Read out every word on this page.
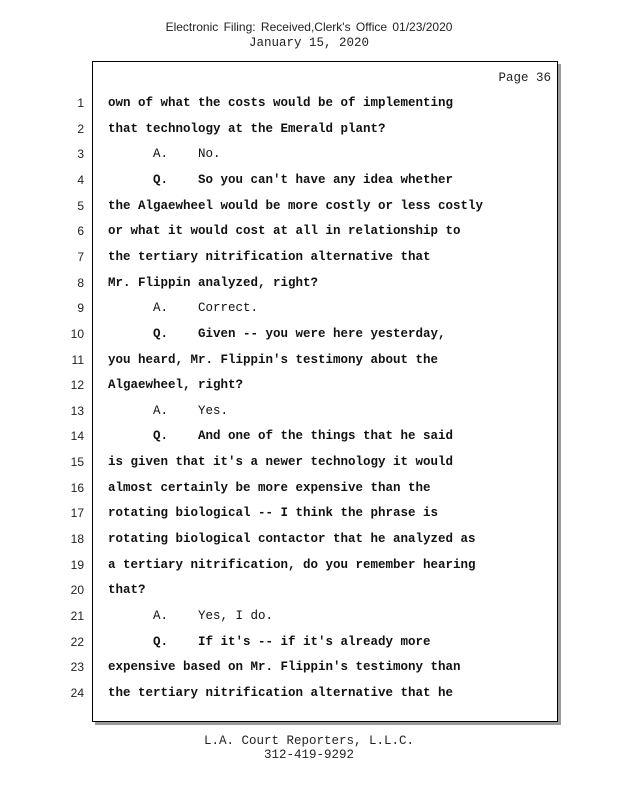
Electronic Filing: Received,Clerk's Office 01/23/2020
January 15, 2020
Page 36
1 own of what the costs would be of implementing
2 that technology at the Emerald plant?
3 A.    No.
4 Q.    So you can't have any idea whether
5 the Algaewheel would be more costly or less costly
6 or what it would cost at all in relationship to
7 the tertiary nitrification alternative that
8 Mr. Flippin analyzed, right?
9 A.    Correct.
10 Q.    Given -- you were here yesterday,
11 you heard, Mr. Flippin's testimony about the
12 Algaewheel, right?
13 A.    Yes.
14 Q.    And one of the things that he said
15 is given that it's a newer technology it would
16 almost certainly be more expensive than the
17 rotating biological -- I think the phrase is
18 rotating biological contactor that he analyzed as
19 a tertiary nitrification, do you remember hearing
20 that?
21 A.    Yes, I do.
22 Q.    If it's -- if it's already more
23 expensive based on Mr. Flippin's testimony than
24 the tertiary nitrification alternative that he
L.A. Court Reporters, L.L.C.
312-419-9292
